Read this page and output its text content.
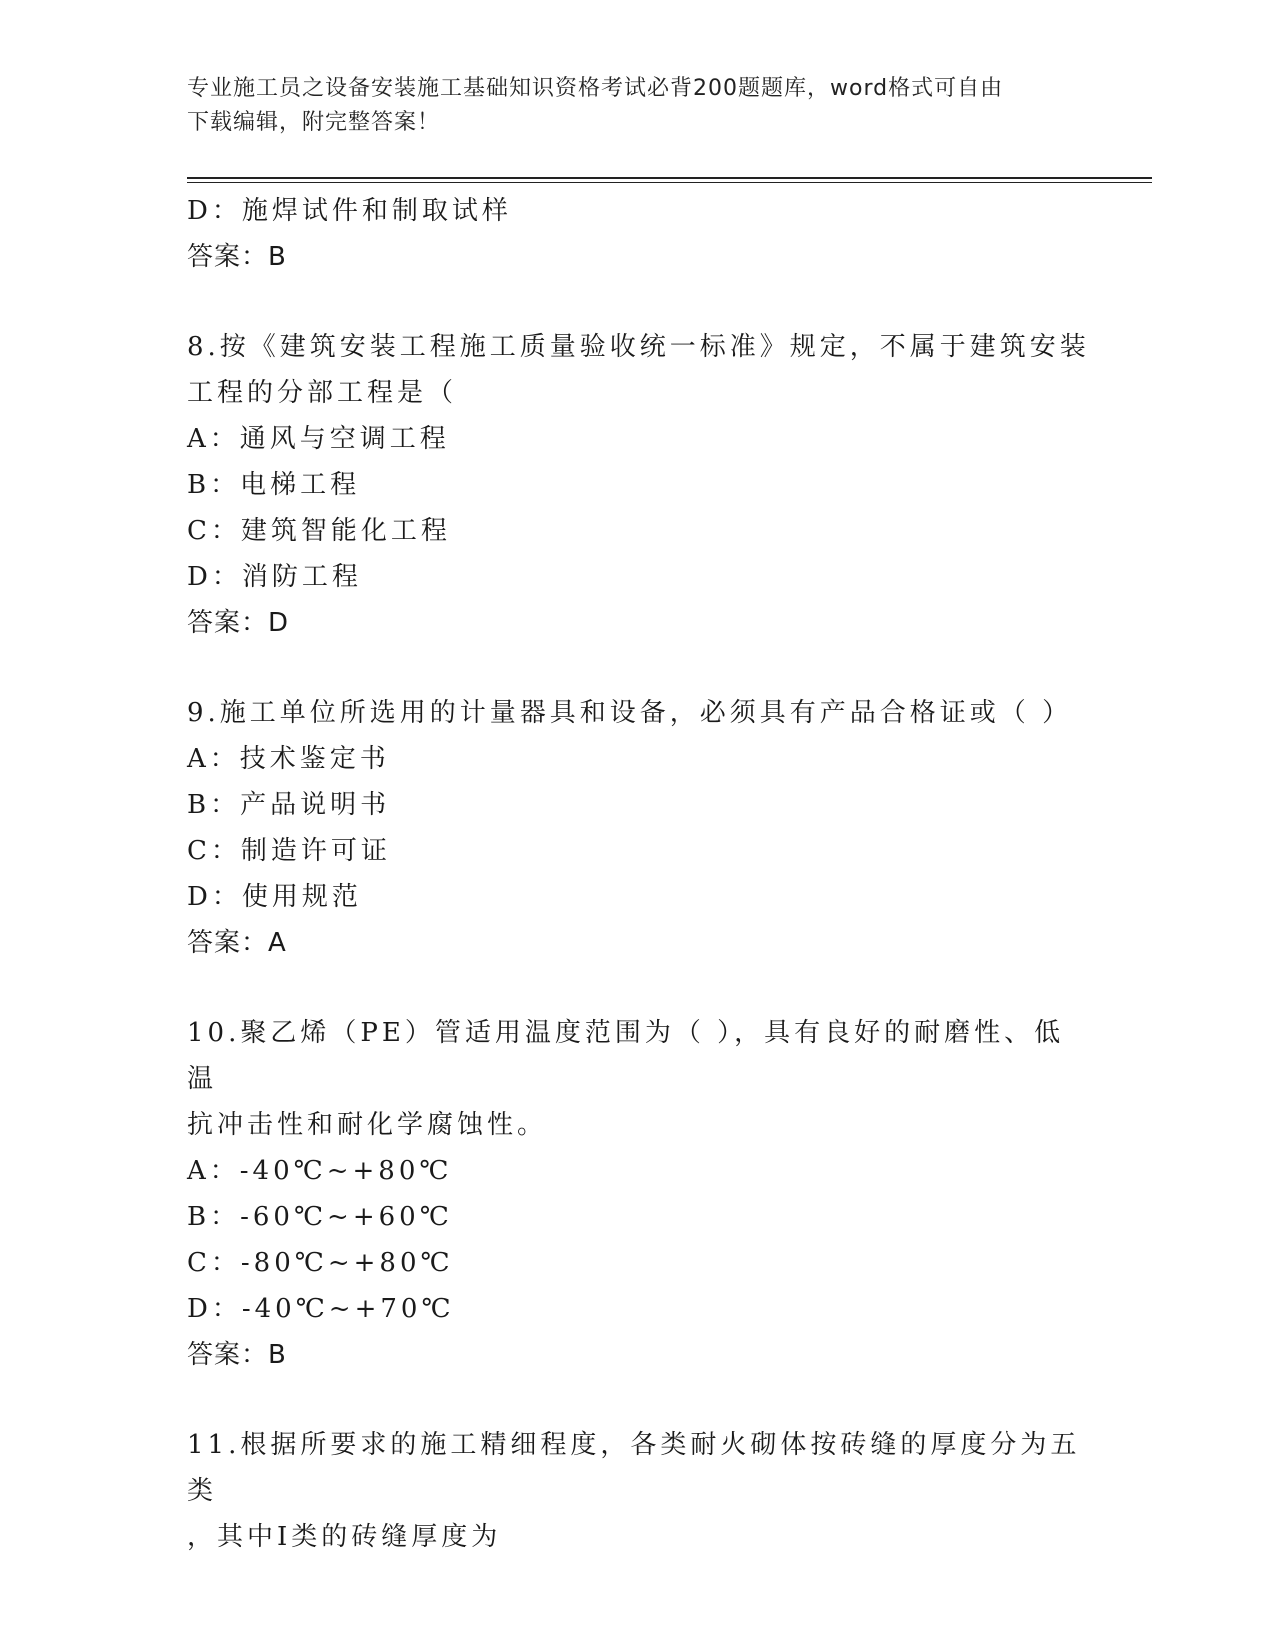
专业施工员之设备安装施工基础知识资格考试必背200题题库，word格式可自由
下载编辑，附完整答案！
D：施焊试件和制取试样
答案：B
8.按《建筑安装工程施工质量验收统一标准》规定，不属于建筑安装
工程的分部工程是（
A：通风与空调工程
B：电梯工程
C：建筑智能化工程
D：消防工程
答案：D
9.施工单位所选用的计量器具和设备，必须具有产品合格证或（ ）
A：技术鉴定书
B：产品说明书
C：制造许可证
D：使用规范
答案：A
10.聚乙烯（PE）管适用温度范围为（ ），具有良好的耐磨性、低温
抗冲击性和耐化学腐蚀性。
A：-40℃~+80℃
B：-60℃~+60℃
C：-80℃~+80℃
D：-40℃~+70℃
答案：B
11.根据所要求的施工精细程度，各类耐火砌体按砖缝的厚度分为五类
，其中Ⅰ类的砖缝厚度为
